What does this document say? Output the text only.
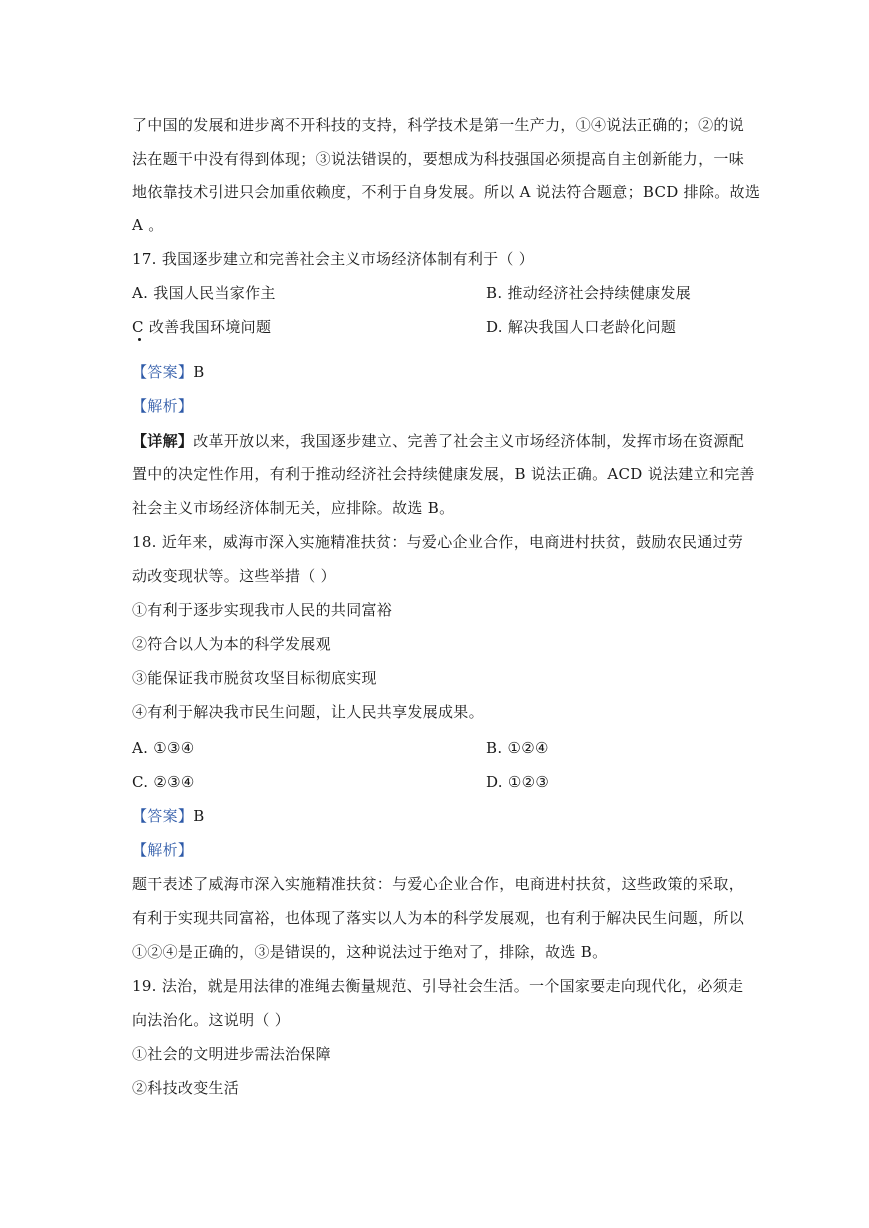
了中国的发展和进步离不开科技的支持，科学技术是第一生产力，①④说法正确的；②的说
法在题干中没有得到体现；③说法错误的，要想成为科技强国必须提高自主创新能力，一味
地依靠技术引进只会加重依赖度，不利于自身发展。所以 A 说法符合题意；BCD 排除。故选
A 。
17. 我国逐步建立和完善社会主义市场经济体制有利于（ ）
A. 我国人民当家作主	B. 推动经济社会持续健康发展
C 改善我国环境问题	D. 解决我国人口老龄化问题
【答案】B
【解析】
【详解】改革开放以来，我国逐步建立、完善了社会主义市场经济体制，发挥市场在资源配
置中的决定性作用，有利于推动经济社会持续健康发展，B 说法正确。ACD 说法建立和完善
社会主义市场经济体制无关，应排除。故选 B。
18. 近年来，威海市深入实施精准扶贫：与爱心企业合作，电商进村扶贫，鼓励农民通过劳
动改变现状等。这些举措（ ）
①有利于逐步实现我市人民的共同富裕
②符合以人为本的科学发展观
③能保证我市脱贫攻坚目标彻底实现
④有利于解决我市民生问题，让人民共享发展成果。
A. ①③④	B. ①②④
C. ②③④	D. ①②③
【答案】B
【解析】
题干表述了威海市深入实施精准扶贫：与爱心企业合作，电商进村扶贫，这些政策的采取，
有利于实现共同富裕，也体现了落实以人为本的科学发展观，也有利于解决民生问题，所以
①②④是正确的，③是错误的，这种说法过于绝对了，排除，故选 B。
19. 法治，就是用法律的准绳去衡量规范、引导社会生活。一个国家要走向现代化，必须走
向法治化。这说明（ ）
①社会的文明进步需法治保障
②科技改变生活
